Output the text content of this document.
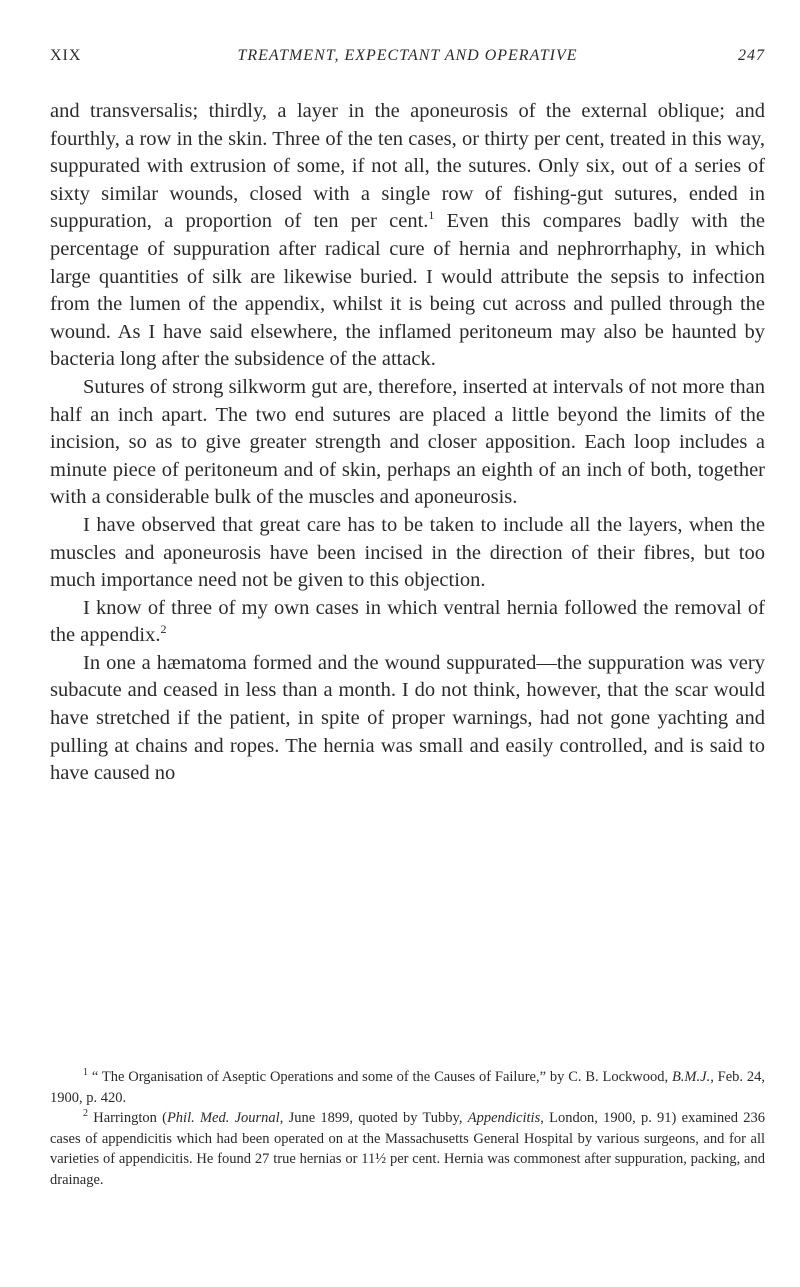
XIX	TREATMENT, EXPECTANT AND OPERATIVE	247

and transversalis; thirdly, a layer in the aponeurosis of the external oblique; and fourthly, a row in the skin. Three of the ten cases, or thirty per cent, treated in this way, suppurated with extrusion of some, if not all, the sutures. Only six, out of a series of sixty similar wounds, closed with a single row of fishing-gut sutures, ended in suppuration, a proportion of ten per cent.$^1$ Even this compares badly with the percentage of suppuration after radical cure of hernia and nephrorrhaphy, in which large quantities of silk are likewise buried. I would attribute the sepsis to infection from the lumen of the appendix, whilst it is being cut across and pulled through the wound. As I have said elsewhere, the inflamed peritoneum may also be haunted by bacteria long after the subsidence of the attack.

Sutures of strong silkworm gut are, therefore, inserted at intervals of not more than half an inch apart. The two end sutures are placed a little beyond the limits of the incision, so as to give greater strength and closer apposition. Each loop includes a minute piece of peritoneum and of skin, perhaps an eighth of an inch of both, together with a considerable bulk of the muscles and aponeurosis.

I have observed that great care has to be taken to include all the layers, when the muscles and aponeurosis have been incised in the direction of their fibres, but too much importance need not be given to this objection.

I know of three of my own cases in which ventral hernia followed the removal of the appendix.$^2$

In one a hæmatoma formed and the wound suppurated—the suppuration was very subacute and ceased in less than a month. I do not think, however, that the scar would have stretched if the patient, in spite of proper warnings, had not gone yachting and pulling at chains and ropes. The hernia was small and easily controlled, and is said to have caused no

$^1$ “ The Organisation of Aseptic Operations and some of the Causes of Failure,” by C. B. Lockwood, B.M.J., Feb. 24, 1900, p. 420.

$^2$ Harrington (Phil. Med. Journal, June 1899, quoted by Tubby, Appendicitis, London, 1900, p. 91) examined 236 cases of appendicitis which had been operated on at the Massachusetts General Hospital by various surgeons, and for all varieties of appendicitis. He found 27 true hernias or 11½ per cent. Hernia was commonest after suppuration, packing, and drainage.
